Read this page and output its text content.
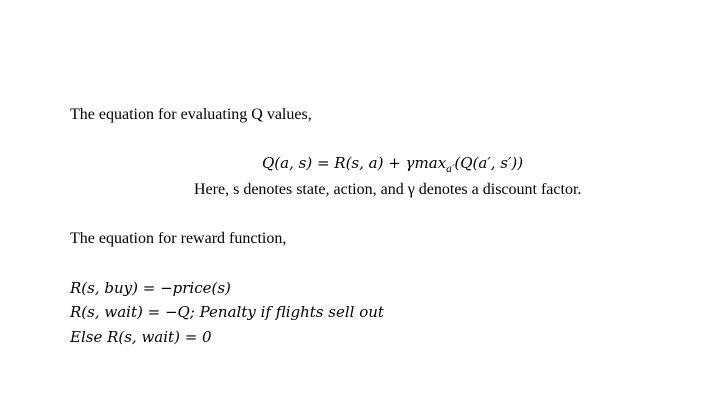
The equation for evaluating Q values,
Q(a, s) = R(s, a) + γmax$_{a'}$(Q(a′, s′))
Here, s denotes state, action, and γ denotes a discount factor.
The equation for reward function,
R(s, buy) = −price(s)
R(s, wait) = −Q; Penalty if flights sell out
Else R(s, wait) = 0
